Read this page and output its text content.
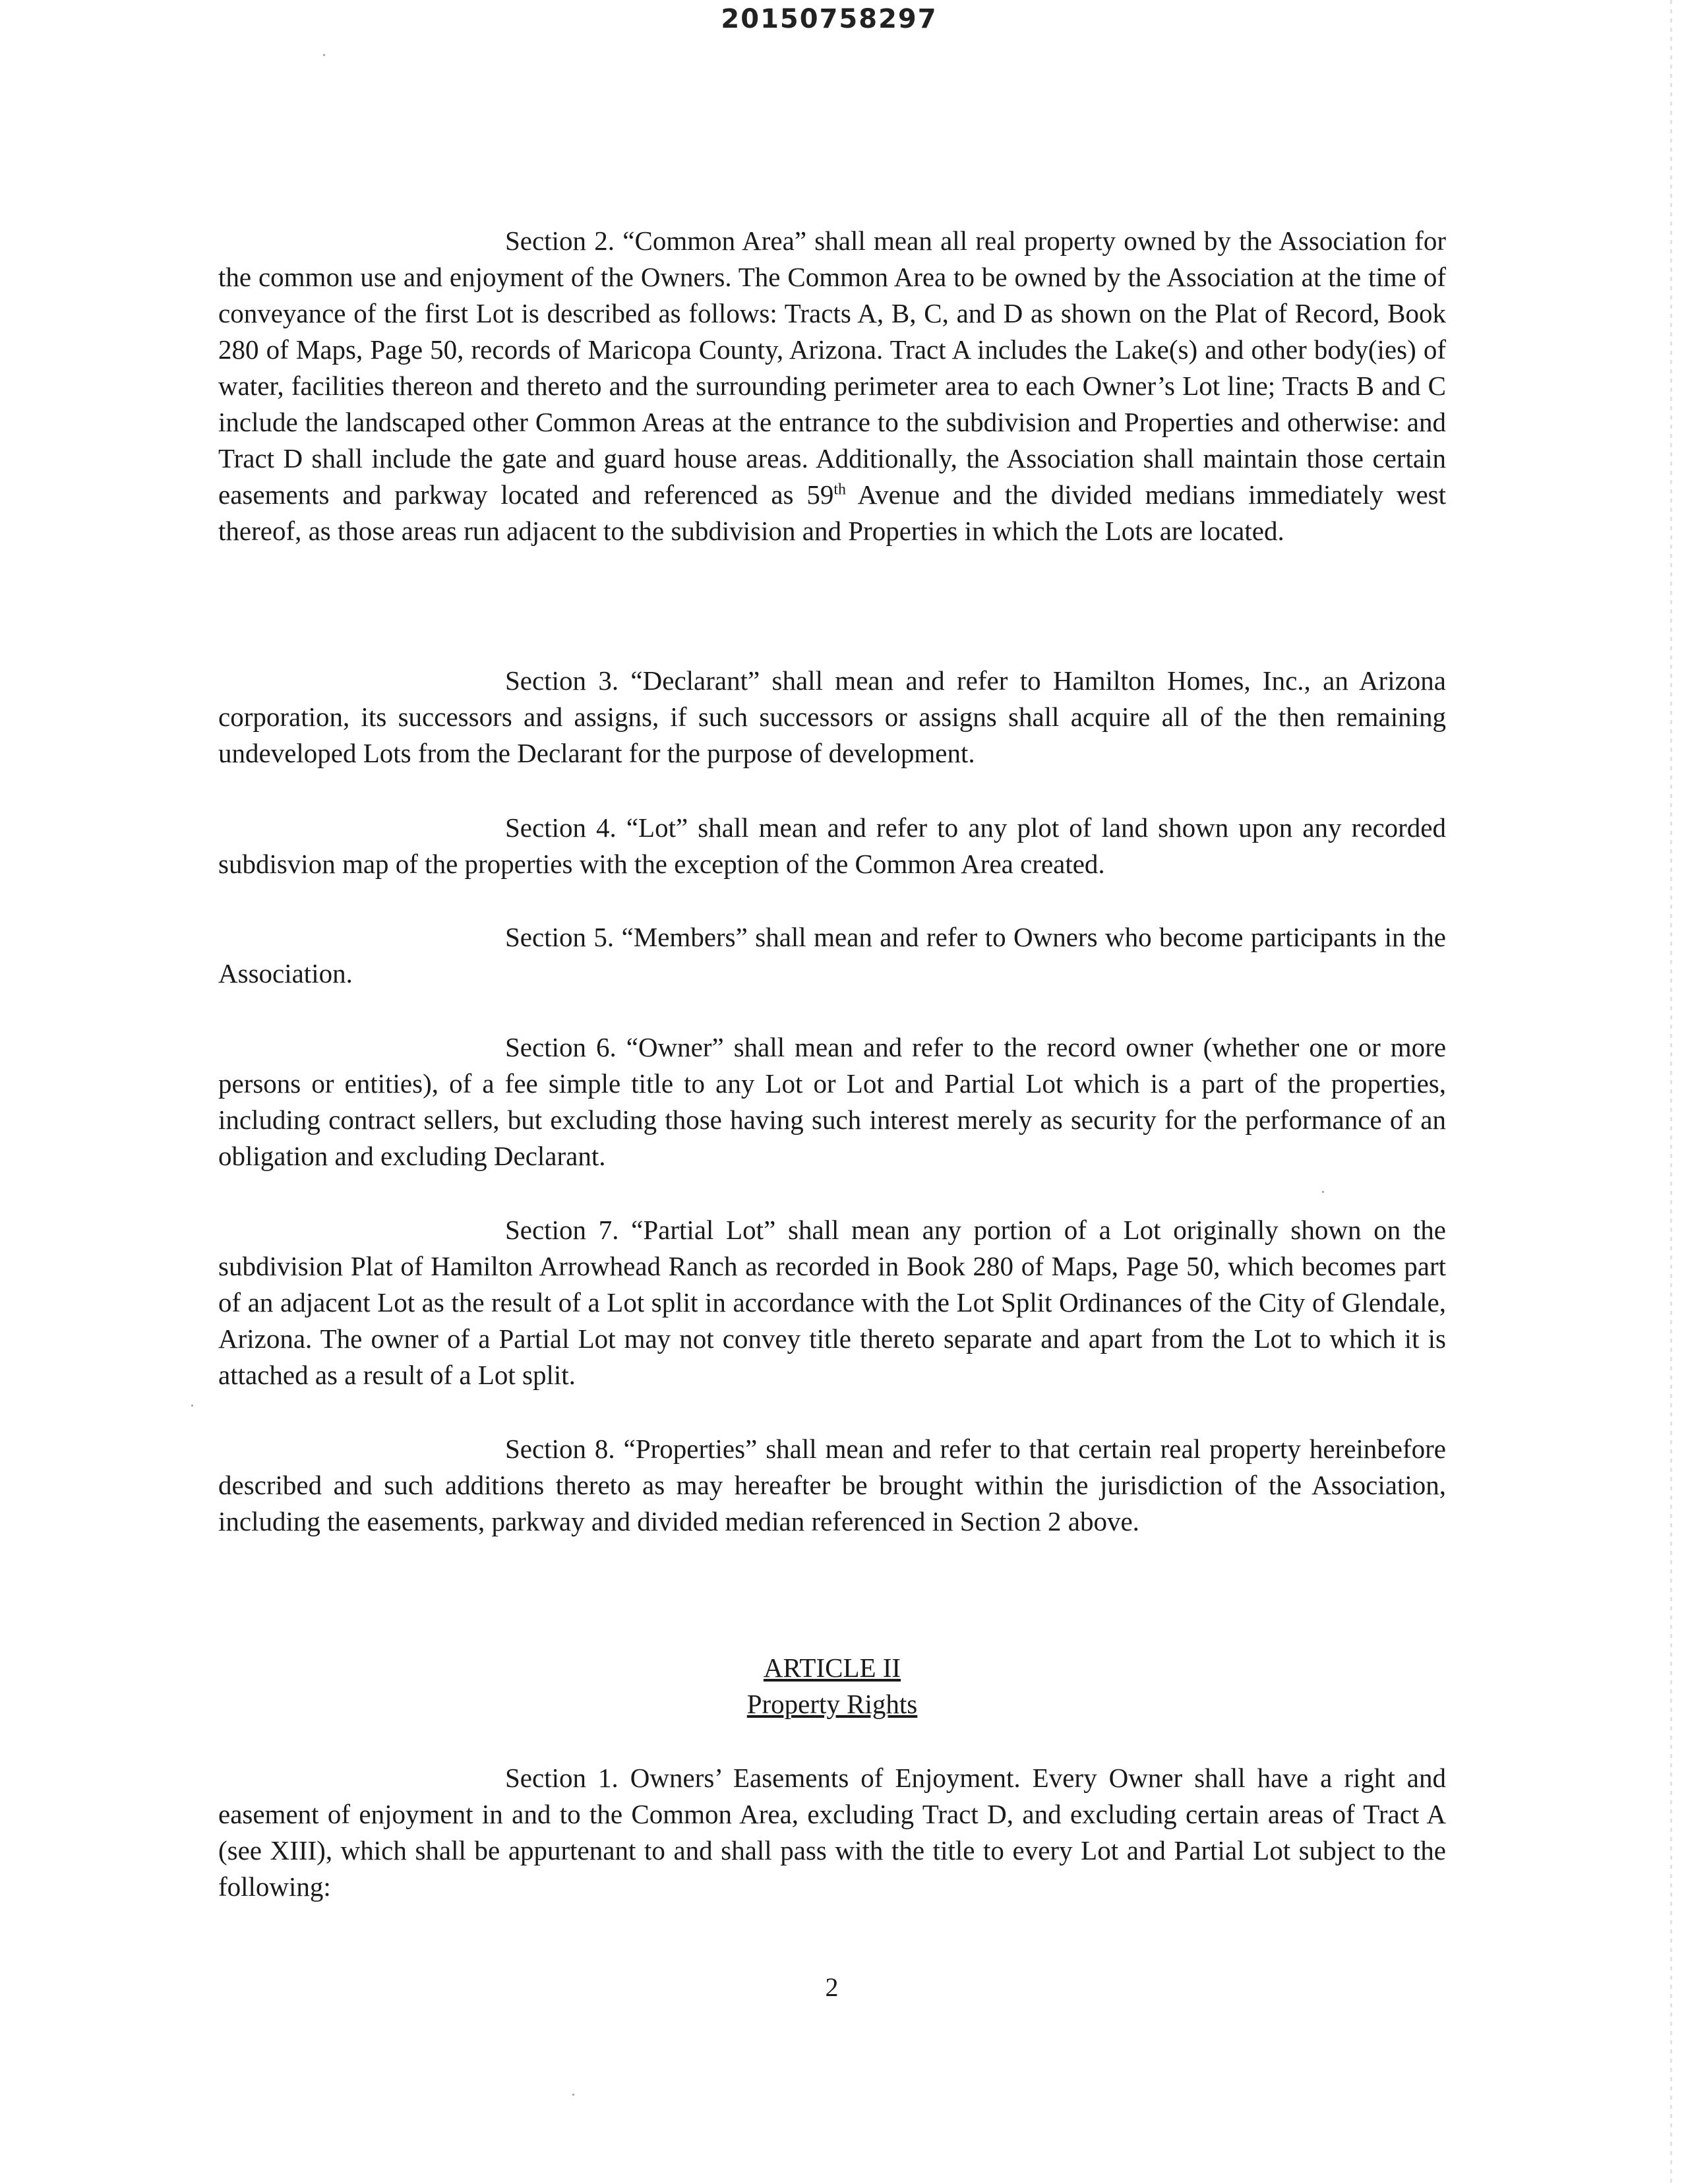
20150758297

Section 2. “Common Area” shall mean all real property owned by the Association for the common use and enjoyment of the Owners. The Common Area to be owned by the Association at the time of conveyance of the first Lot is described as follows: Tracts A, B, C, and D as shown on the Plat of Record, Book 280 of Maps, Page 50, records of Maricopa County, Arizona. Tract A includes the Lake(s) and other body(ies) of water, facilities thereon and thereto and the surrounding perimeter area to each Owner’s Lot line; Tracts B and C include the landscaped other Common Areas at the entrance to the subdivision and Properties and otherwise: and Tract D shall include the gate and guard house areas. Additionally, the Association shall maintain those certain easements and parkway located and referenced as 59th Avenue and the divided medians immediately west thereof, as those areas run adjacent to the subdivision and Properties in which the Lots are located.

Section 3. “Declarant” shall mean and refer to Hamilton Homes, Inc., an Arizona corporation, its successors and assigns, if such successors or assigns shall acquire all of the then remaining undeveloped Lots from the Declarant for the purpose of development.

Section 4. “Lot” shall mean and refer to any plot of land shown upon any recorded subdisvion map of the properties with the exception of the Common Area created.

Section 5. “Members” shall mean and refer to Owners who become participants in the Association.

Section 6. “Owner” shall mean and refer to the record owner (whether one or more persons or entities), of a fee simple title to any Lot or Lot and Partial Lot which is a part of the properties, including contract sellers, but excluding those having such interest merely as security for the performance of an obligation and excluding Declarant.

Section 7. “Partial Lot” shall mean any portion of a Lot originally shown on the subdivision Plat of Hamilton Arrowhead Ranch as recorded in Book 280 of Maps, Page 50, which becomes part of an adjacent Lot as the result of a Lot split in accordance with the Lot Split Ordinances of the City of Glendale, Arizona. The owner of a Partial Lot may not convey title thereto separate and apart from the Lot to which it is attached as a result of a Lot split.

Section 8. “Properties” shall mean and refer to that certain real property hereinbefore described and such additions thereto as may hereafter be brought within the jurisdiction of the Association, including the easements, parkway and divided median referenced in Section 2 above.

ARTICLE II

Property Rights

Section 1. Owners’ Easements of Enjoyment. Every Owner shall have a right and easement of enjoyment in and to the Common Area, excluding Tract D, and excluding certain areas of Tract A (see XIII), which shall be appurtenant to and shall pass with the title to every Lot and Partial Lot subject to the following:

2
